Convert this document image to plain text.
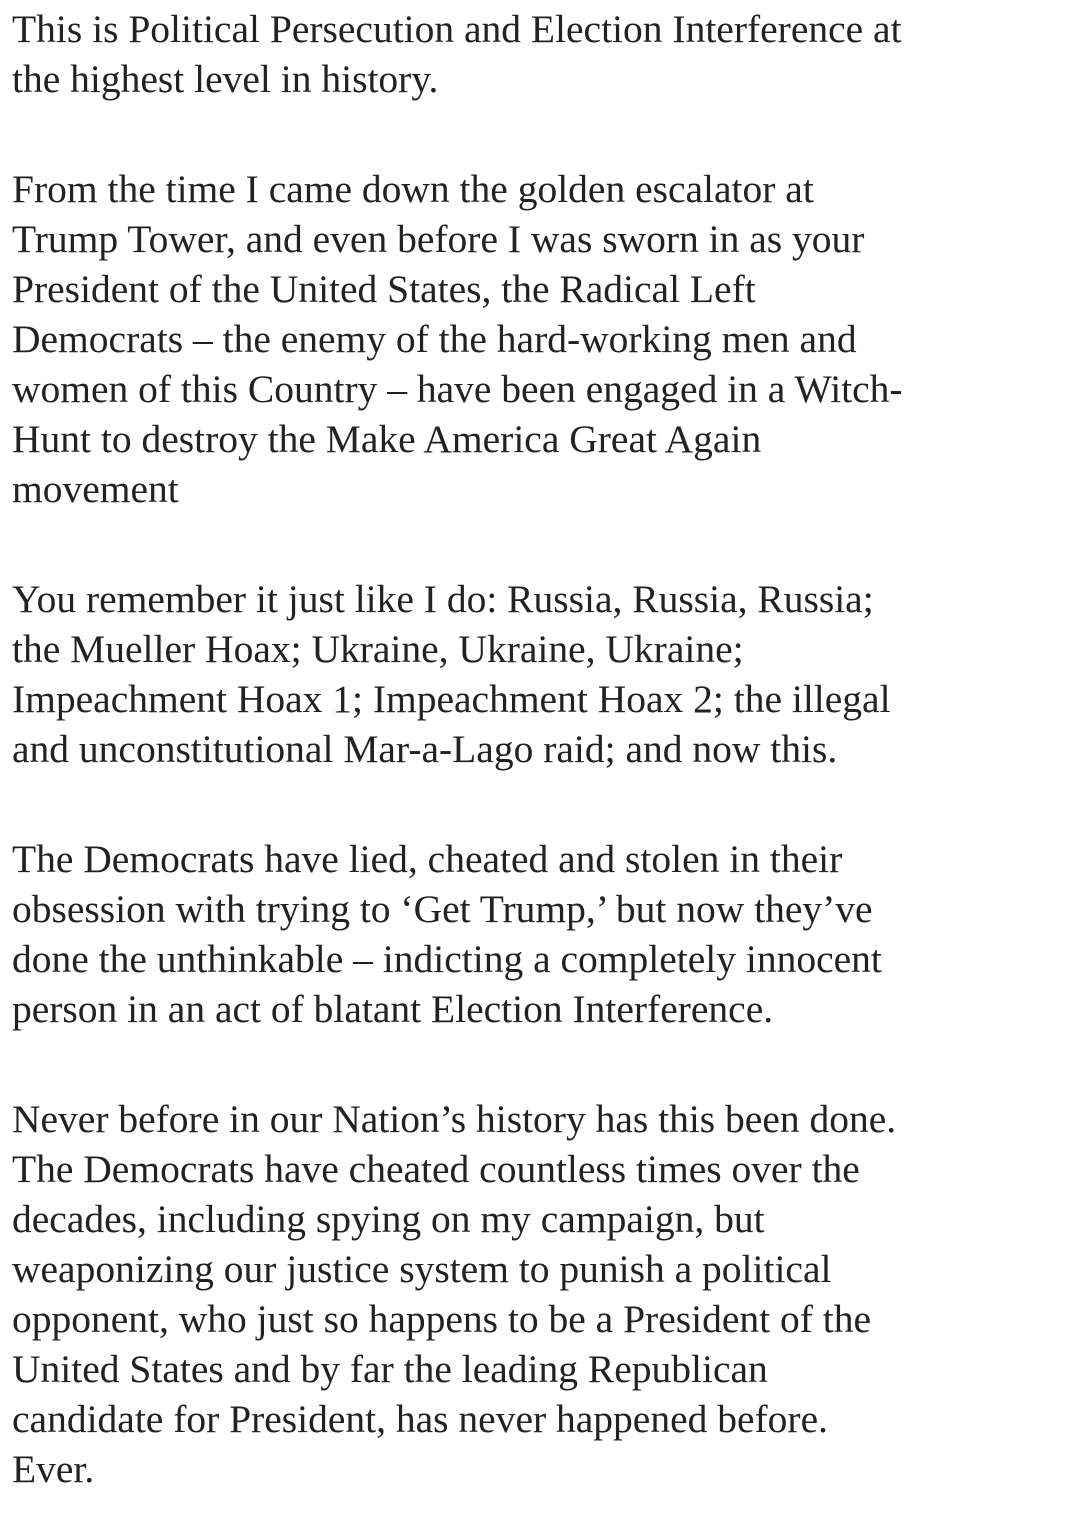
This is Political Persecution and Election Interference at
the highest level in history.

From the time I came down the golden escalator at
Trump Tower, and even before I was sworn in as your
President of the United States, the Radical Left
Democrats – the enemy of the hard-working men and
women of this Country – have been engaged in a Witch-
Hunt to destroy the Make America Great Again
movement

You remember it just like I do: Russia, Russia, Russia;
the Mueller Hoax; Ukraine, Ukraine, Ukraine;
Impeachment Hoax 1; Impeachment Hoax 2; the illegal
and unconstitutional Mar-a-Lago raid; and now this.

The Democrats have lied, cheated and stolen in their
obsession with trying to ‘Get Trump,’ but now they’ve
done the unthinkable – indicting a completely innocent
person in an act of blatant Election Interference.

Never before in our Nation’s history has this been done.
The Democrats have cheated countless times over the
decades, including spying on my campaign, but
weaponizing our justice system to punish a political
opponent, who just so happens to be a President of the
United States and by far the leading Republican
candidate for President, has never happened before.
Ever.
